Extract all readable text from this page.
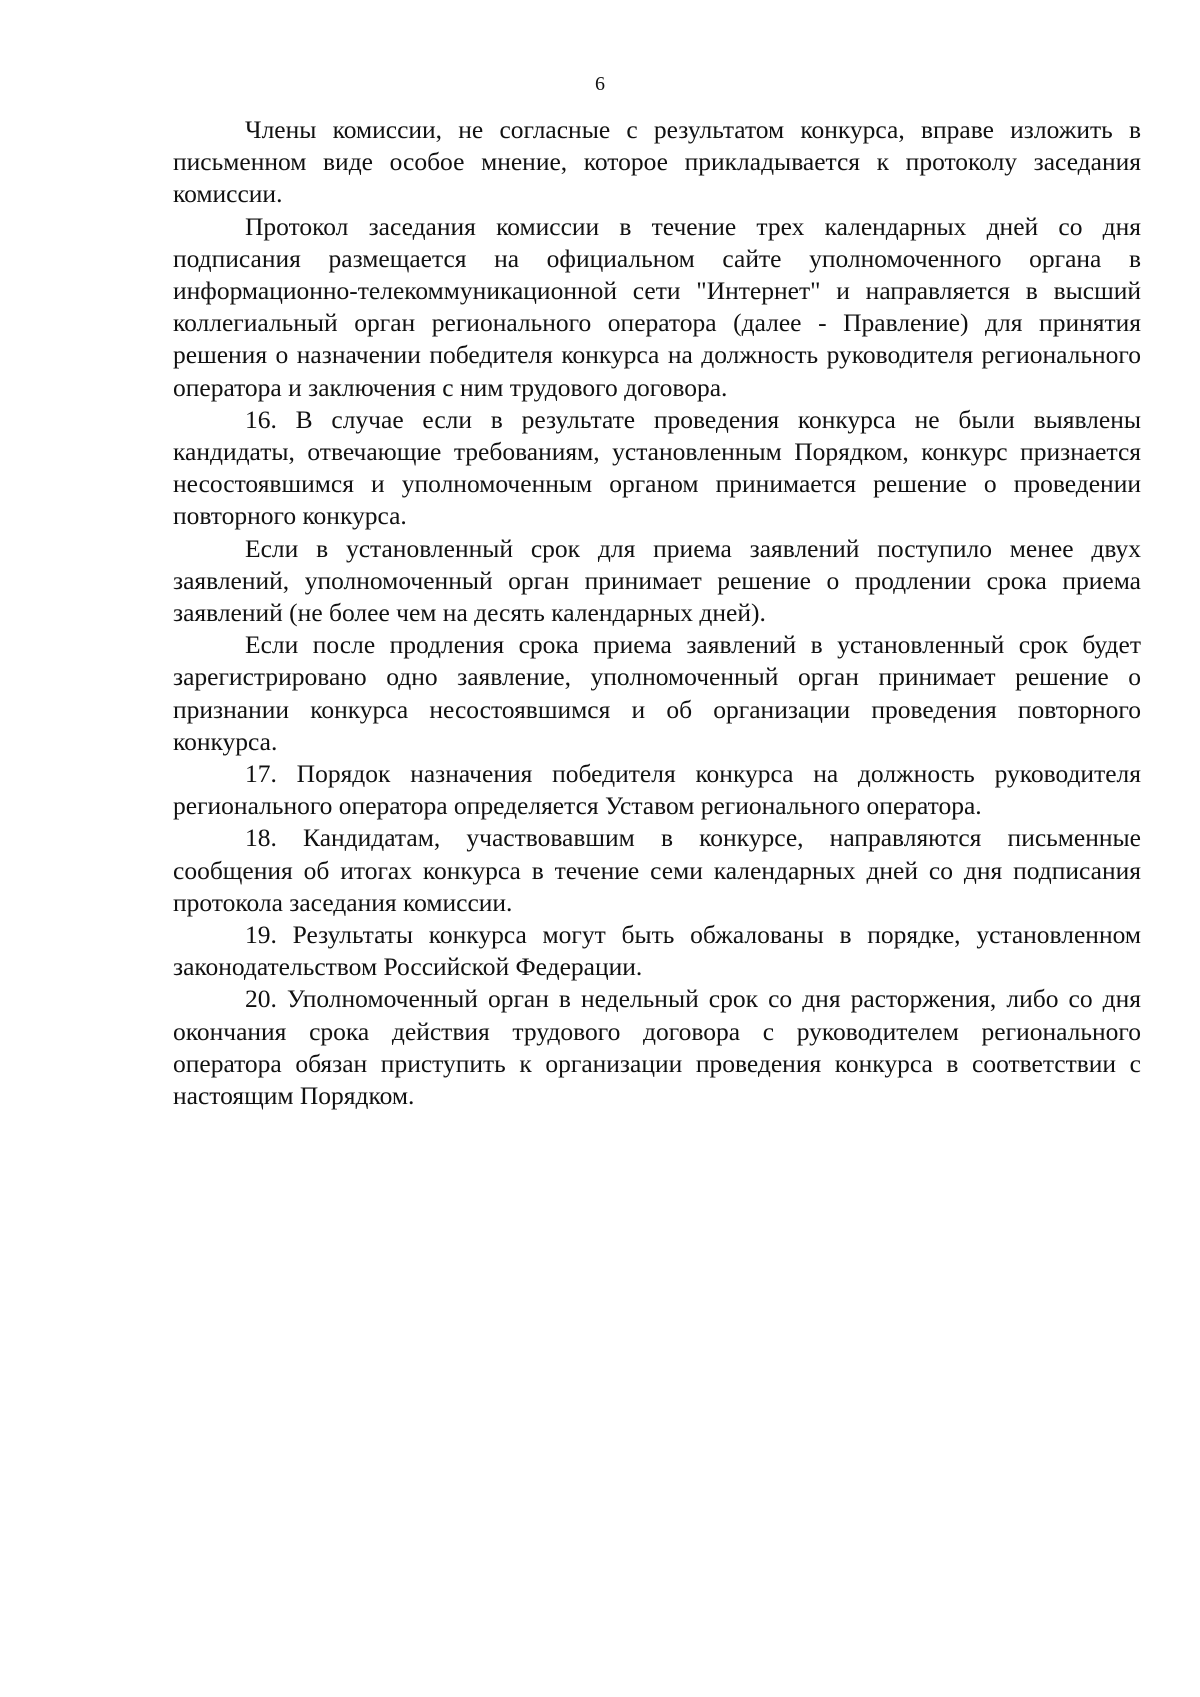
6

Члены комиссии, не согласные с результатом конкурса, вправе изложить в письменном виде особое мнение, которое прикладывается к протоколу заседания комиссии.

Протокол заседания комиссии в течение трех календарных дней со дня подписания размещается на официальном сайте уполномоченного органа в информационно-телекоммуникационной сети "Интернет" и направляется в высший коллегиальный орган регионального оператора (далее - Правление) для принятия решения о назначении победителя конкурса на должность руководителя регионального оператора и заключения с ним трудового договора.

16. В случае если в результате проведения конкурса не были выявлены кандидаты, отвечающие требованиям, установленным Порядком, конкурс признается несостоявшимся и уполномоченным органом принимается решение о проведении повторного конкурса.

Если в установленный срок для приема заявлений поступило менее двух заявлений, уполномоченный орган принимает решение о продлении срока приема заявлений (не более чем на десять календарных дней).

Если после продления срока приема заявлений в установленный срок будет зарегистрировано одно заявление, уполномоченный орган принимает решение о признании конкурса несостоявшимся и об организации проведения повторного конкурса.

17. Порядок назначения победителя конкурса на должность руководителя регионального оператора определяется Уставом регионального оператора.

18. Кандидатам, участвовавшим в конкурсе, направляются письменные сообщения об итогах конкурса в течение семи календарных дней со дня подписания протокола заседания комиссии.

19. Результаты конкурса могут быть обжалованы в порядке, установленном законодательством Российской Федерации.

20. Уполномоченный орган в недельный срок со дня расторжения, либо со дня окончания срока действия трудового договора с руководителем регионального оператора обязан приступить к организации проведения конкурса в соответствии с настоящим Порядком.
